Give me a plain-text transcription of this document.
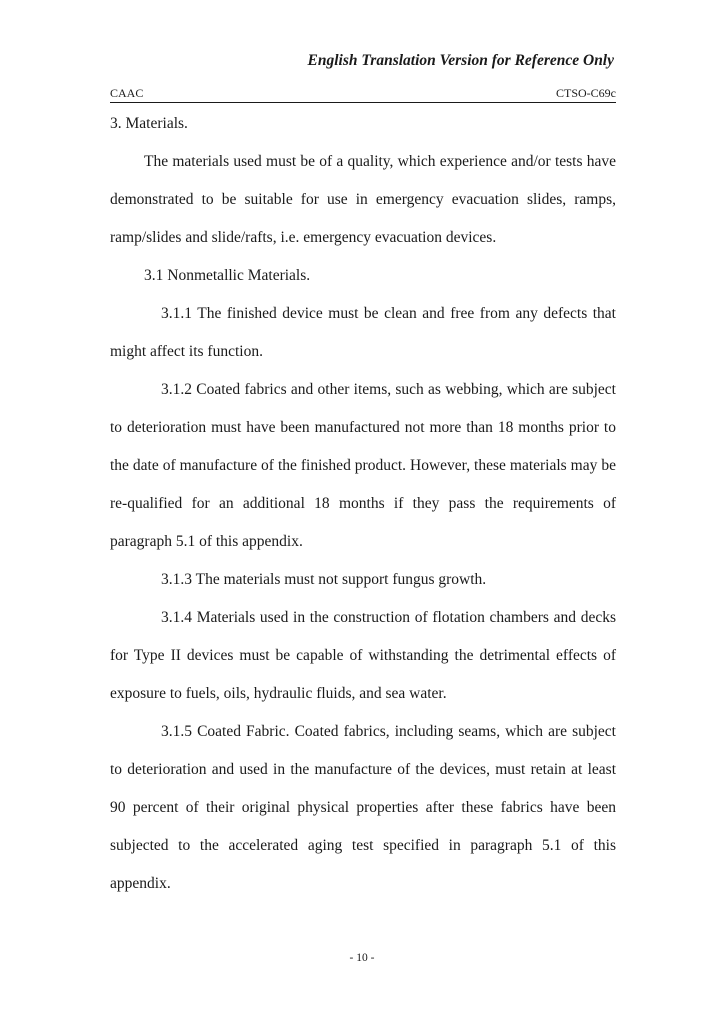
English Translation Version for Reference Only
CAAC	CTSO-C69c

3. Materials.

The materials used must be of a quality, which experience and/or tests have demonstrated to be suitable for use in emergency evacuation slides, ramps, ramp/slides and slide/rafts, i.e. emergency evacuation devices.

3.1 Nonmetallic Materials.

3.1.1 The finished device must be clean and free from any defects that might affect its function.

3.1.2 Coated fabrics and other items, such as webbing, which are subject to deterioration must have been manufactured not more than 18 months prior to the date of manufacture of the finished product. However, these materials may be re-qualified for an additional 18 months if they pass the requirements of paragraph 5.1 of this appendix.

3.1.3 The materials must not support fungus growth.

3.1.4 Materials used in the construction of flotation chambers and decks for Type II devices must be capable of withstanding the detrimental effects of exposure to fuels, oils, hydraulic fluids, and sea water.

3.1.5 Coated Fabric. Coated fabrics, including seams, which are subject to deterioration and used in the manufacture of the devices, must retain at least 90 percent of their original physical properties after these fabrics have been subjected to the accelerated aging test specified in paragraph 5.1 of this appendix.

- 10 -
